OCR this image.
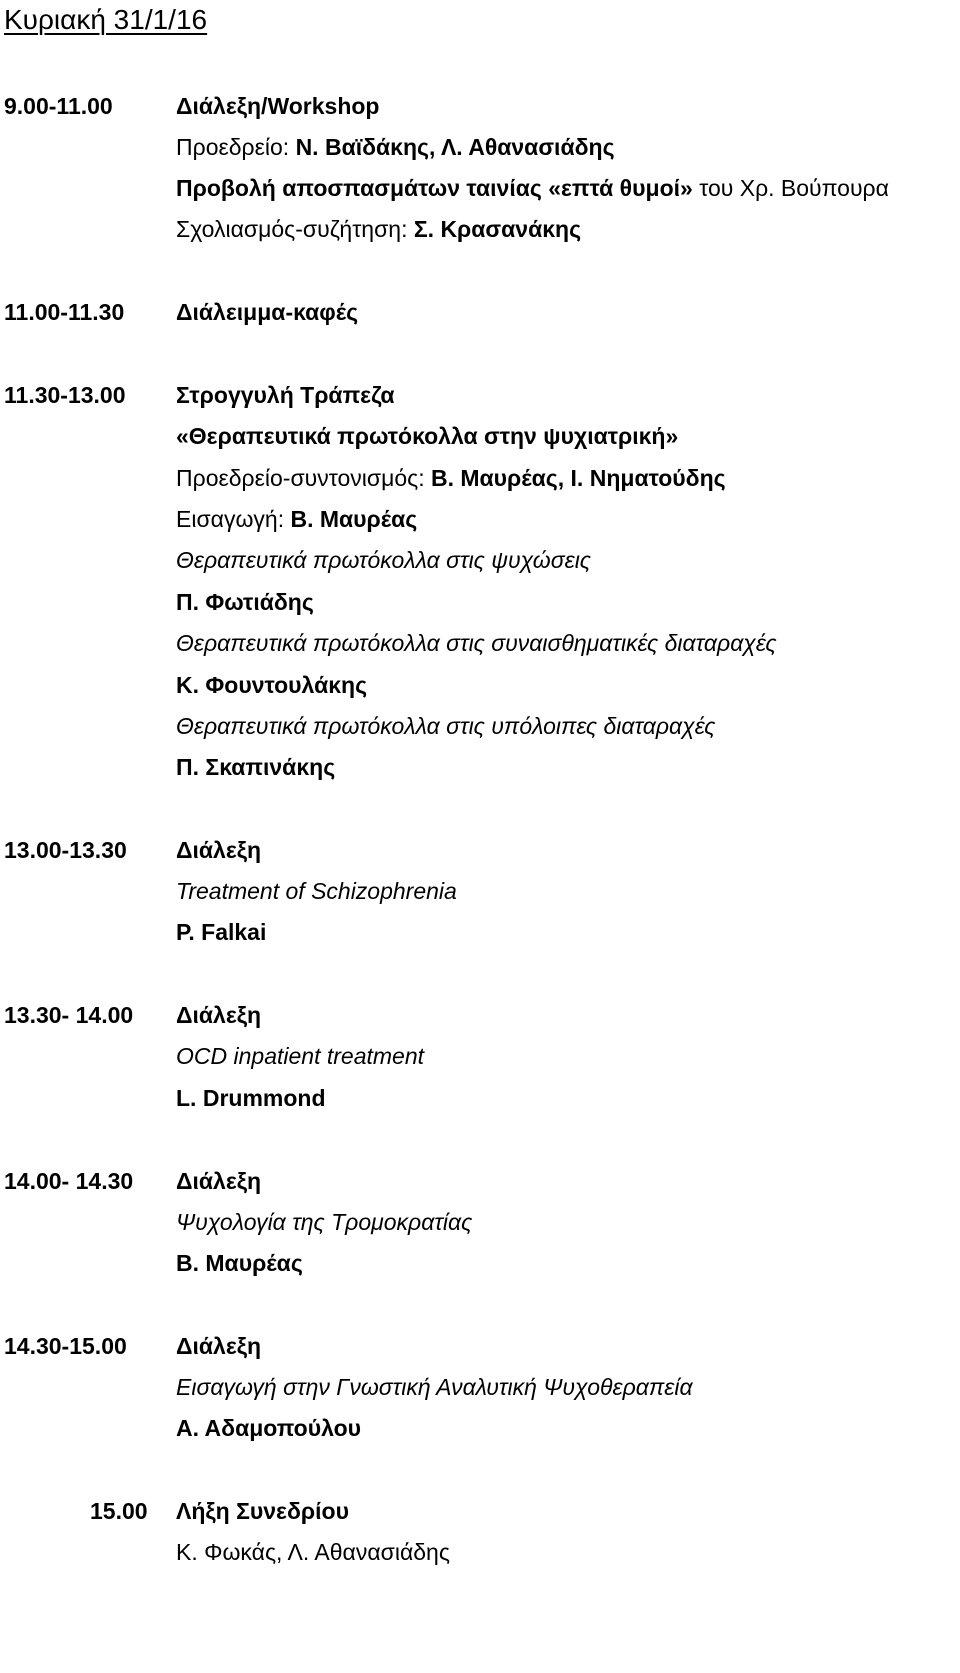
Κυριακή 31/1/16
9.00-11.00	Διάλεξη/Workshop
Προεδρείο: Ν. Βαϊδάκης, Λ. Αθανασιάδης
Προβολή αποσπασμάτων ταινίας «επτά θυμοί» του Χρ. Βούπουρα
Σχολιασμός-συζήτηση: Σ. Κρασανάκης
11.00-11.30 Διάλειμμα-καφές
11.30-13.00 Στρογγυλή Τράπεζα
«Θεραπευτικά πρωτόκολλα στην ψυχιατρική»
Προεδρείο-συντονισμός: Β. Μαυρέας, Ι. Νηματούδης
Εισαγωγή: Β. Μαυρέας
Θεραπευτικά πρωτόκολλα στις ψυχώσεις
Π. Φωτιάδης
Θεραπευτικά πρωτόκολλα στις συναισθηματικές διαταραχές
Κ. Φουντουλάκης
Θεραπευτικά πρωτόκολλα στις υπόλοιπες διαταραχές
Π. Σκαπινάκης
13.00-13.30 Διάλεξη
Treatment of Schizophrenia
P. Falkai
13.30- 14.00 Διάλεξη
OCD inpatient treatment
L. Drummond
14.00- 14.30 Διάλεξη
Ψυχολογία της Τρομοκρατίας
Β. Μαυρέας
14.30-15.00 Διάλεξη
Εισαγωγή στην Γνωστική Αναλυτική Ψυχοθεραπεία
Α. Αδαμοπούλου
15.00 Λήξη Συνεδρίου
Κ. Φωκάς, Λ. Αθανασιάδης
